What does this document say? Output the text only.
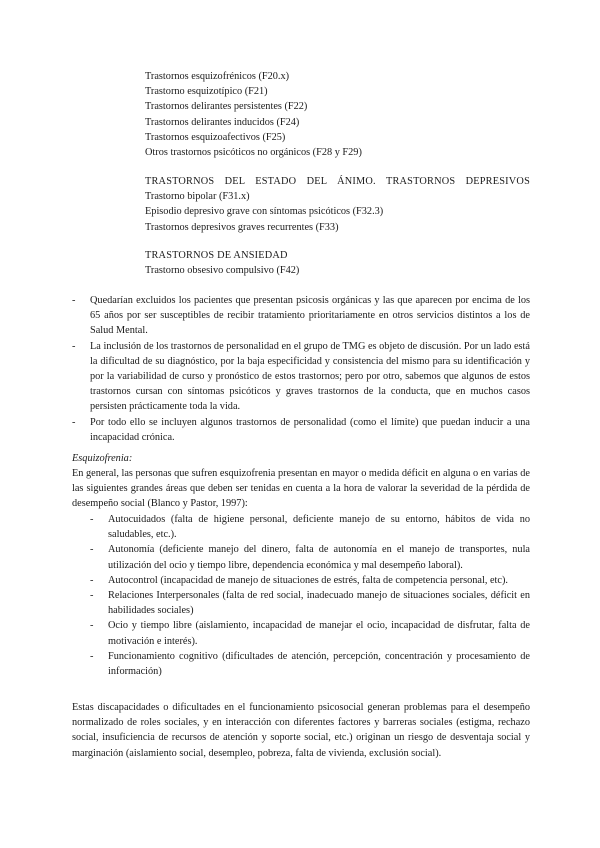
Trastornos esquizofrénicos (F20.x)

Trastorno esquizotípico (F21)

Trastornos delirantes persistentes (F22)

Trastornos delirantes inducidos (F24)

Trastornos esquizoafectivos (F25)

Otros trastornos psicóticos no orgánicos (F28 y F29)

TRASTORNOS DEL ESTADO DEL ÁNIMO. TRASTORNOS DEPRESIVOS

Trastorno bipolar (F31.x)

Episodio depresivo grave con síntomas psicóticos (F32.3)

Trastornos depresivos graves recurrentes (F33)

TRASTORNOS DE ANSIEDAD

Trastorno obsesivo compulsivo (F42)

- Quedarían excluidos los pacientes que presentan psicosis orgánicas y las que aparecen por encima de los 65 años por ser susceptibles de recibir tratamiento prioritariamente en otros servicios distintos a los de Salud Mental.
- La inclusión de los trastornos de personalidad en el grupo de TMG es objeto de discusión. Por un lado está la dificultad de su diagnóstico, por la baja especificidad y consistencia del mismo para su identificación y por la variabilidad de curso y pronóstico de estos trastornos; pero por otro, sabemos que algunos de estos trastornos cursan con síntomas psicóticos y graves trastornos de la conducta, que en muchos casos persisten prácticamente toda la vida.
- Por todo ello se incluyen algunos trastornos de personalidad (como el límite) que puedan inducir a una incapacidad crónica.

Esquizofrenia:

En general, las personas que sufren esquizofrenia presentan en mayor o medida déficit en alguna o en varias de las siguientes grandes áreas que deben ser tenidas en cuenta a la hora de valorar la severidad de la pérdida de desempeño social (Blanco y Pastor, 1997):

- Autocuidados (falta de higiene personal, deficiente manejo de su entorno, hábitos de vida no saludables, etc.).
- Autonomía (deficiente manejo del dinero, falta de autonomía en el manejo de transportes, nula utilización del ocio y tiempo libre, dependencia económica y mal desempeño laboral).
- Autocontrol (incapacidad de manejo de situaciones de estrés, falta de competencia personal, etc).
- Relaciones Interpersonales (falta de red social, inadecuado manejo de situaciones sociales, déficit en habilidades sociales)
- Ocio y tiempo libre (aislamiento, incapacidad de manejar el ocio, incapacidad de disfrutar, falta de motivación e interés).
- Funcionamiento cognitivo (dificultades de atención, percepción, concentración y procesamiento de información)

Estas discapacidades o dificultades en el funcionamiento psicosocial generan problemas para el desempeño normalizado de roles sociales, y en interacción con diferentes factores y barreras sociales (estigma, rechazo social, insuficiencia de recursos de atención y soporte social, etc.) originan un riesgo de desventaja social y marginación (aislamiento social, desempleo, pobreza, falta de vivienda, exclusión social).
